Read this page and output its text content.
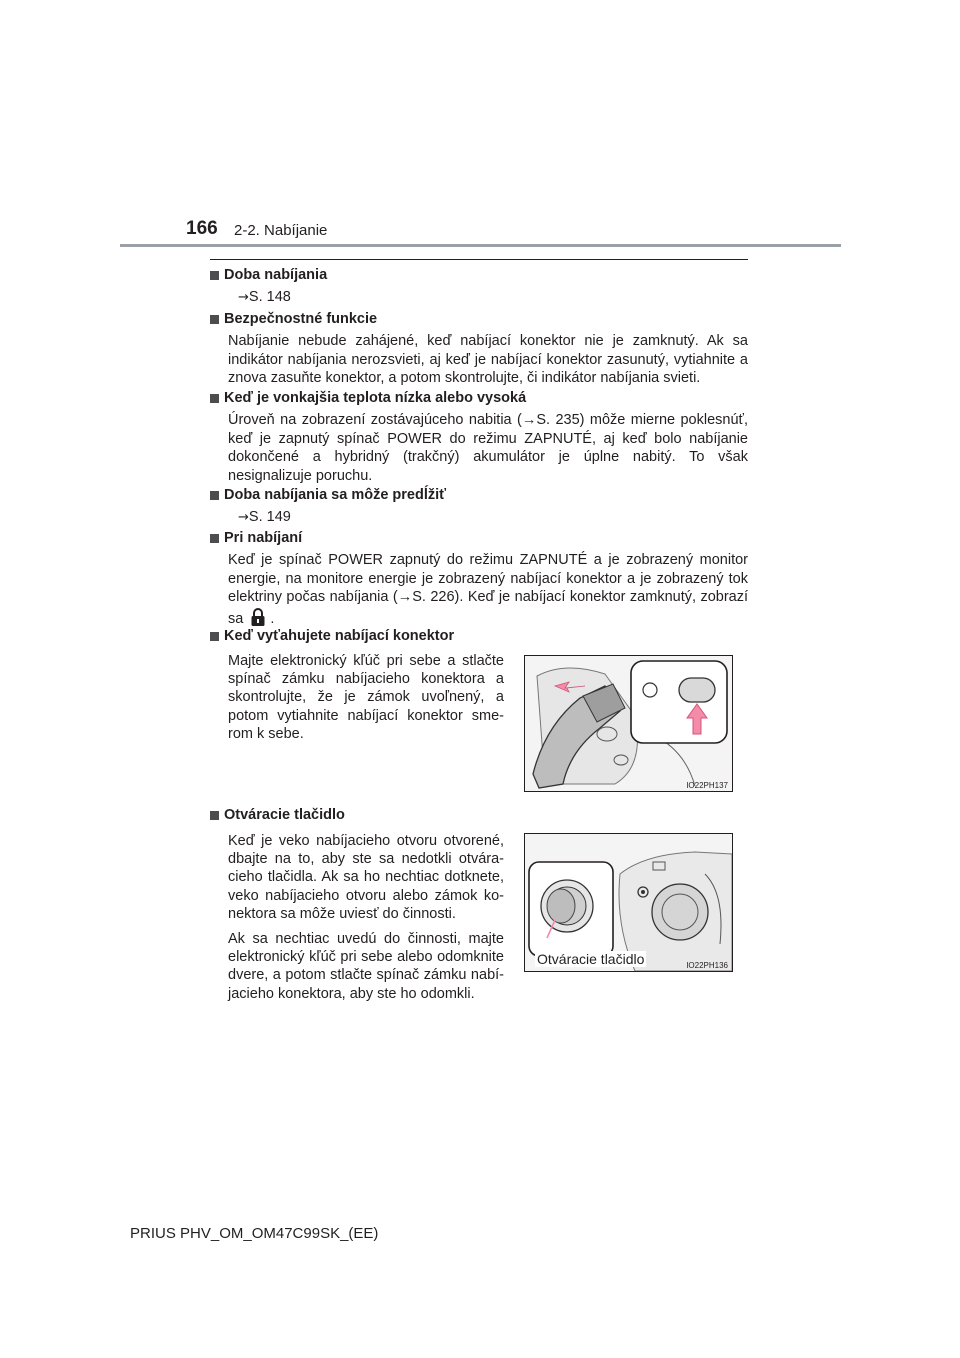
166 2-2. Nabíjanie
Doba nabíjania
→S. 148
Bezpečnostné funkcie
Nabíjanie nebude zahájené, keď nabíjací konektor nie je zamknutý. Ak sa indikátor nabíjania nerozsvieti, aj keď je nabíjací konektor zasunutý, vytiahnite a znova zasuňte konektor, a potom skontrolujte, či indikátor nabíjania svieti.
Keď je vonkajšia teplota nízka alebo vysoká
Úroveň na zobrazení zostávajúceho nabitia (→S. 235) môže mierne poklesnúť, keď je zapnutý spínač POWER do režimu ZAPNUTÉ, aj keď bolo nabíjanie dokončené a hybridný (trakčný) akumulátor je úplne nabitý. To však nesignalizuje poruchu.
Doba nabíjania sa môže predĺžiť
→S. 149
Pri nabíjaní
Keď je spínač POWER zapnutý do režimu ZAPNUTÉ a je zobrazený monitor energie, na monitore energie je zobrazený nabíjací konektor a je zobrazený tok elektriny počas nabíjania (→S. 226). Keď je nabíjací konektor zamknutý, zobrazí sa .
Keď vyťahujete nabíjací konektor

Majte elektronický kľúč pri sebe a stlačte spínač zámku nabíjacieho konektora a skontrolujte, že je zámok uvoľnený, a potom vytiahnite nabíjací konektor sme-rom k sebe.

IO22PH137
Otváracie tlačidlo

Keď je veko nabíjacieho otvoru otvorené, dbajte na to, aby ste sa nedotkli otvára-cieho tlačidla. Ak sa ho nechtiac dotknete, veko nabíjacieho otvoru alebo zámok ko-nektora sa môže uviesť do činnosti.

Ak sa nechtiac uvedú do činnosti, majte elektronický kľúč pri sebe alebo odomknite dvere, a potom stlačte spínač zámku nabí-jacieho konektora, aby ste ho odomkli.

Otváracie tlačidlo	IO22PH136
PRIUS PHV_OM_OM47C99SK_(EE)
